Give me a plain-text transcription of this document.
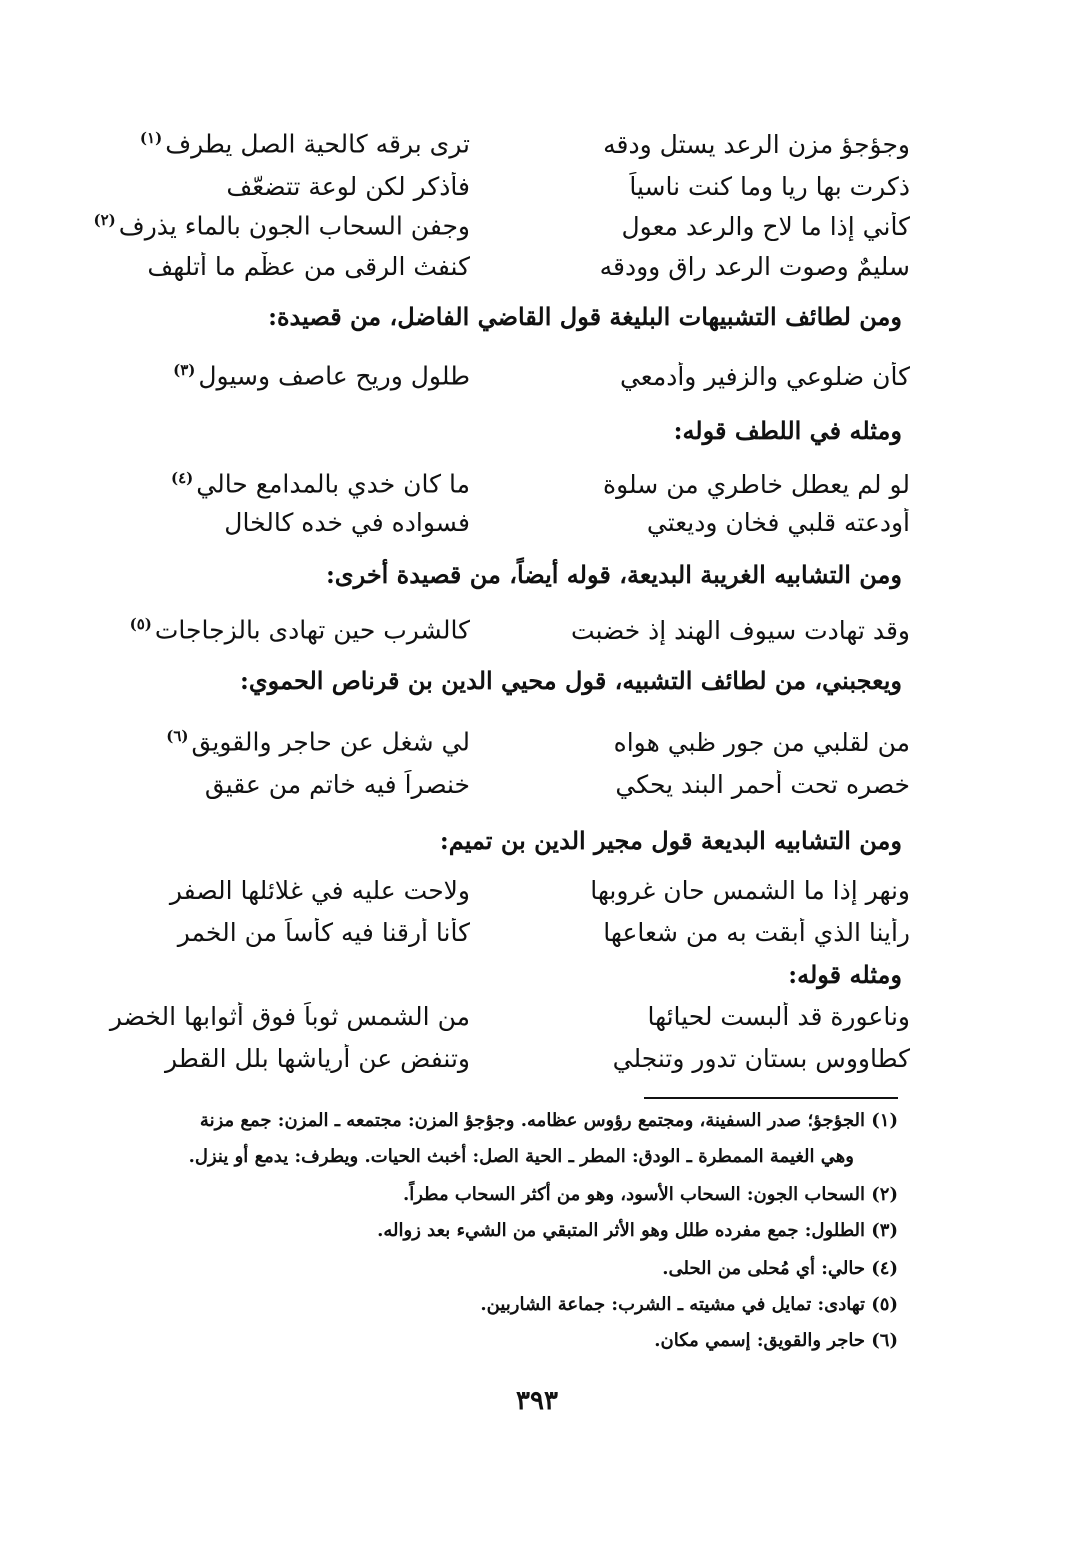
وجؤجؤ مزن الرعد يستل ودقه
ترى برقه كالحية الصل يطرف$^{(١)}$
ذكرت بها ريا وما كنت ناسياً
فأذكر لكن لوعة تتضعّف
كأني إذا ما لاح والرعد معول
وجفن السحاب الجون بالماء يذرف$^{(٢)}$
سليمٌ وصوت الرعد راقٍ وودقه
كنفث الرقى من عظْمٍ ما أتلهف
ومن لطائف التشبيهات البليغة قول القاضي الفاضل، من قصيدة:
كأن ضلوعي والزفير وأدمعي
طلول وريح عاصف وسيول$^{(٣)}$
ومثله في اللطف قوله:
لو لم يعطل خاطري من سلوة
ما كان خدي بالمدامع حالي$^{(٤)}$
أودعته قلبي فخان وديعتي
فسواده في خده كالخال
ومن التشابيه الغريبة البديعة، قوله أيضاً، من قصيدة أخرى:
وقد تهادت سيوف الهند إذ خضبت
كالشرب حين تهادى بالزجاجات$^{(٥)}$
ويعجبني، من لطائف التشبيه، قول محيي الدين بن قرناص الحموي:
من لقلبي من جور ظبي هواه
لي شغل عن حاجر والقويق$^{(٦)}$
خصره تحت أحمر البند يحكي
خنصراً فيه خاتم من عقيق
ومن التشابيه البديعة قول مجير الدين بن تميم:
ونهر إذا ما الشمس حان غروبها
ولاحت عليه في غلائلها الصفر
رأينا الذي أبقت به من شعاعها
كأنا أرقنا فيه كأساً من الخمر
ومثله قوله:
وناعورة قد ألبست لحيائها
من الشمس ثوباً فوق أثوابها الخضر
كطاووس بستان تدور وتنجلي
وتنفض عن أرياشها بلل القطر
(١) الجؤجؤ؛ صدر السفينة، ومجتمع رؤوس عظامه. وجؤجؤ المزن: مجتمعه ـ المزن: جمع مزنة
وهي الغيمة الممطرة ـ الودق: المطر ـ الحية الصل: أخبث الحيات. ويطرف: يدمع أو ينزل.
(٢) السحاب الجون: السحاب الأسود، وهو من أكثر السحاب مطراً.
(٣) الطلول: جمع مفرده طلل وهو الأثر المتبقي من الشيء بعد زواله.
(٤) حالي: أي مُحلى من الحلى.
(٥) تهادى: تمايل في مشيته ـ الشرب: جماعة الشاربين.
(٦) حاجر والقويق: إسمي مكان.
٣٩٣
